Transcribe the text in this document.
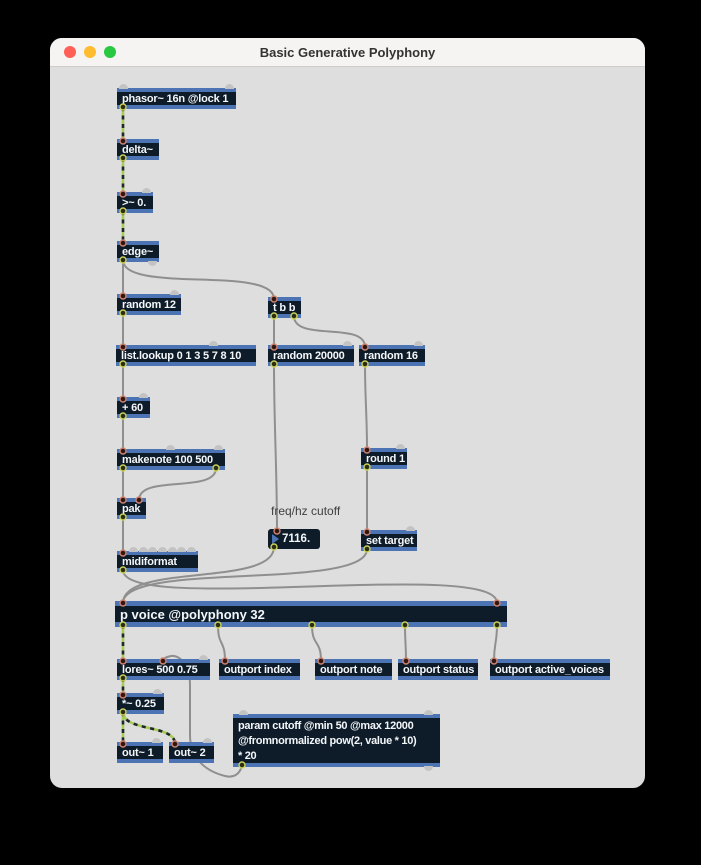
Basic Generative Polyphony
phasor~ 16n @lock 1
delta~
>~ 0.
edge~
random 12	t b b
list.lookup 0 1 3 5 7 8 10	random 20000	random 16
+ 60
makenote 100 500	round 1
pak
set target
7116.
midiformat
p voice @polyphony 32
lores~ 500 0.75	outport index	outport note	outport status outport active_voices
*~ 0.25
param cutoff @min 50 @max 12000
@fromnormalized pow(2, value * 10)
* 20
out~ 1	out~ 2
freq/hz cutoff
